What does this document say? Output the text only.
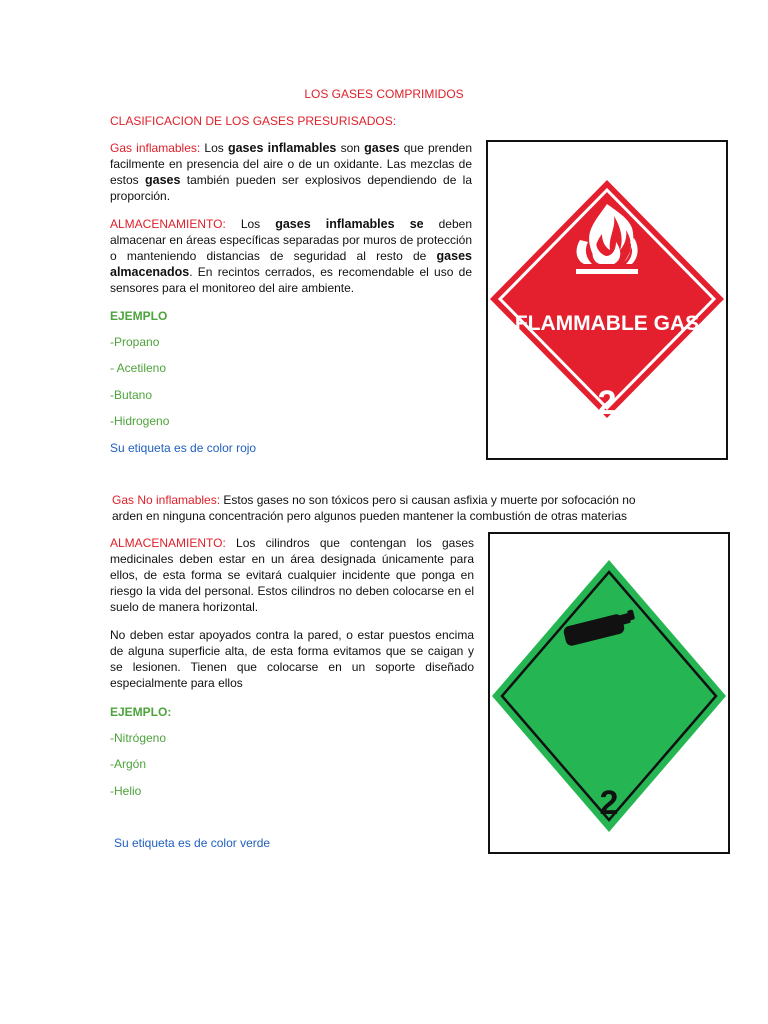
LOS GASES COMPRIMIDOS
CLASIFICACION DE LOS GASES PRESURISADOS:

Gas inflamables: Los gases inflamables son gases que prenden facilmente en presencia del aire o de un oxidante. Las mezclas de estos gases también pueden ser explosivos dependiendo de la proporción.

ALMACENAMIENTO: Los gases inflamables se deben almacenar en áreas específicas separadas por muros de protección o manteniendo distancias de seguridad al resto de gases almacenados. En recintos cerrados, es recomendable el uso de sensores para el monitoreo del aire ambiente.

EJEMPLO
-Propano
- Acetileno
-Butano
-Hidrogeno
Su etiqueta es de color rojo
FLAMMABLE GAS
2

Gas No inflamables: Estos gases no son tóxicos pero si causan asfixia y muerte por sofocación no arden en ninguna concentración pero algunos pueden mantener la combustión de otras materias

ALMACENAMIENTO: Los cilindros que contengan los gases medicinales deben estar en un área designada únicamente para ellos, de esta forma se evitará cualquier incidente que ponga en riesgo la vida del personal. Estos cilindros no deben colocarse en el suelo de manera horizontal.

No deben estar apoyados contra la pared, o estar puestos encima de alguna superficie alta, de esta forma evitamos que se caigan y se lesionen. Tienen que colocarse en un soporte diseñado especialmente para ellos

EJEMPLO:
-Nitrógeno
-Argón
-Helio
Su etiqueta es de color verde
2
